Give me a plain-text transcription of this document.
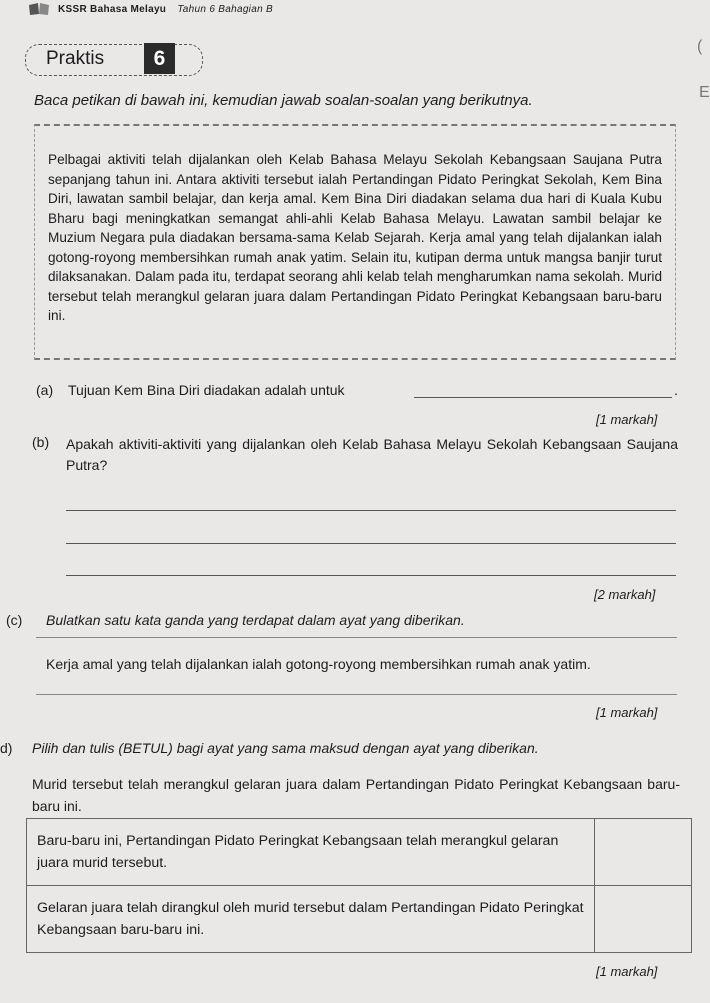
KSSR Bahasa Melayu Tahun 6 Bahagian B
Praktis	6
(
E
Baca petikan di bawah ini, kemudian jawab soalan-soalan yang berikutnya.
Pelbagai aktiviti telah dijalankan oleh Kelab Bahasa Melayu Sekolah Kebangsaan Saujana Putra sepanjang tahun ini. Antara aktiviti tersebut ialah Pertandingan Pidato Peringkat Sekolah, Kem Bina Diri, lawatan sambil belajar, dan kerja amal. Kem Bina Diri diadakan selama dua hari di Kuala Kubu Bharu bagi meningkatkan semangat ahli-ahli Kelab Bahasa Melayu. Lawatan sambil belajar ke Muzium Negara pula diadakan bersama-sama Kelab Sejarah. Kerja amal yang telah dijalankan ialah gotong-royong membersihkan rumah anak yatim. Selain itu, kutipan derma untuk mangsa banjir turut dilaksanakan. Dalam pada itu, terdapat seorang ahli kelab telah mengharumkan nama sekolah. Murid tersebut telah merangkul gelaran juara dalam Pertandingan Pidato Peringkat Kebangsaan baru-baru ini.
(a) Tujuan Kem Bina Diri diadakan adalah untuk	.
[1 markah]
(b) Apakah aktiviti-aktiviti yang dijalankan oleh Kelab Bahasa Melayu Sekolah Kebangsaan Saujana Putra?
[2 markah]
(c) Bulatkan satu kata ganda yang terdapat dalam ayat yang diberikan.
Kerja amal yang telah dijalankan ialah gotong-royong membersihkan rumah anak yatim.
[1 markah]
d) Pilih dan tulis (BETUL) bagi ayat yang sama maksud dengan ayat yang diberikan.
Murid tersebut telah merangkul gelaran juara dalam Pertandingan Pidato Peringkat Kebangsaan baru-baru ini.
Baru-baru ini, Pertandingan Pidato Peringkat Kebangsaan telah merangkul gelaran juara murid tersebut.	
Gelaran juara telah dirangkul oleh murid tersebut dalam Pertandingan Pidato Peringkat Kebangsaan baru-baru ini.	
[1 markah]
